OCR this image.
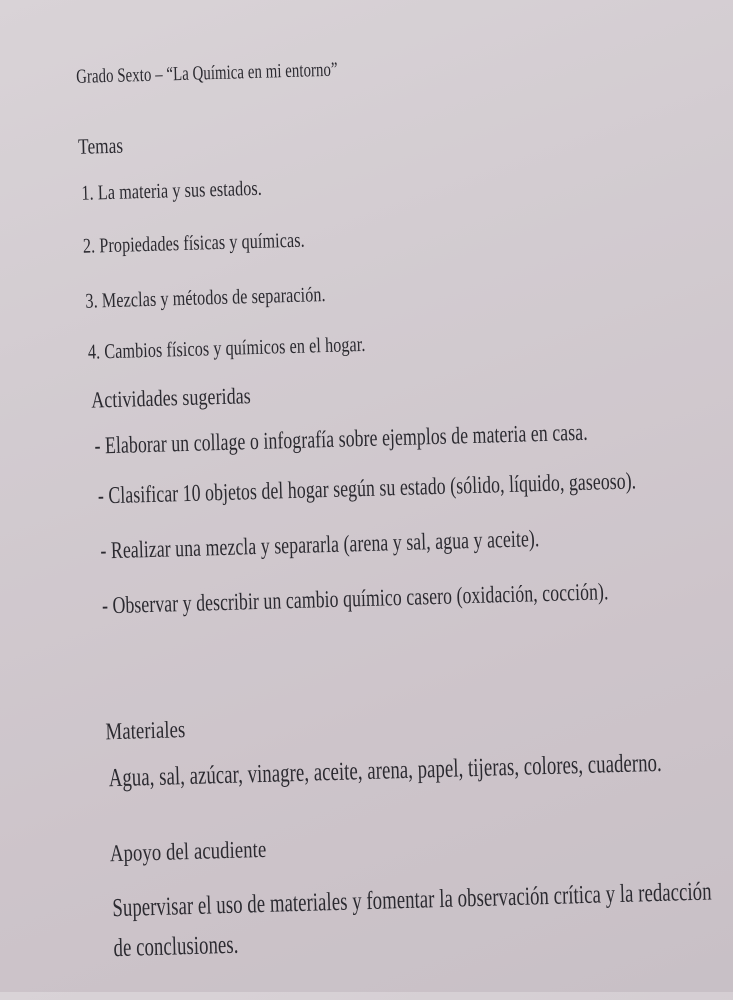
Grado Sexto – “La Química en mi entorno”
Temas
1. La materia y sus estados.
2. Propiedades físicas y químicas.
3. Mezclas y métodos de separación.
4. Cambios físicos y químicos en el hogar.
Actividades sugeridas
- Elaborar un collage o infografía sobre ejemplos de materia en casa.
- Clasificar 10 objetos del hogar según su estado (sólido, líquido, gaseoso).
- Realizar una mezcla y separarla (arena y sal, agua y aceite).
- Observar y describir un cambio químico casero (oxidación, cocción).
Materiales
Agua, sal, azúcar, vinagre, aceite, arena, papel, tijeras, colores, cuaderno.
Apoyo del acudiente
Supervisar el uso de materiales y fomentar la observación crítica y la redacción
de conclusiones.
